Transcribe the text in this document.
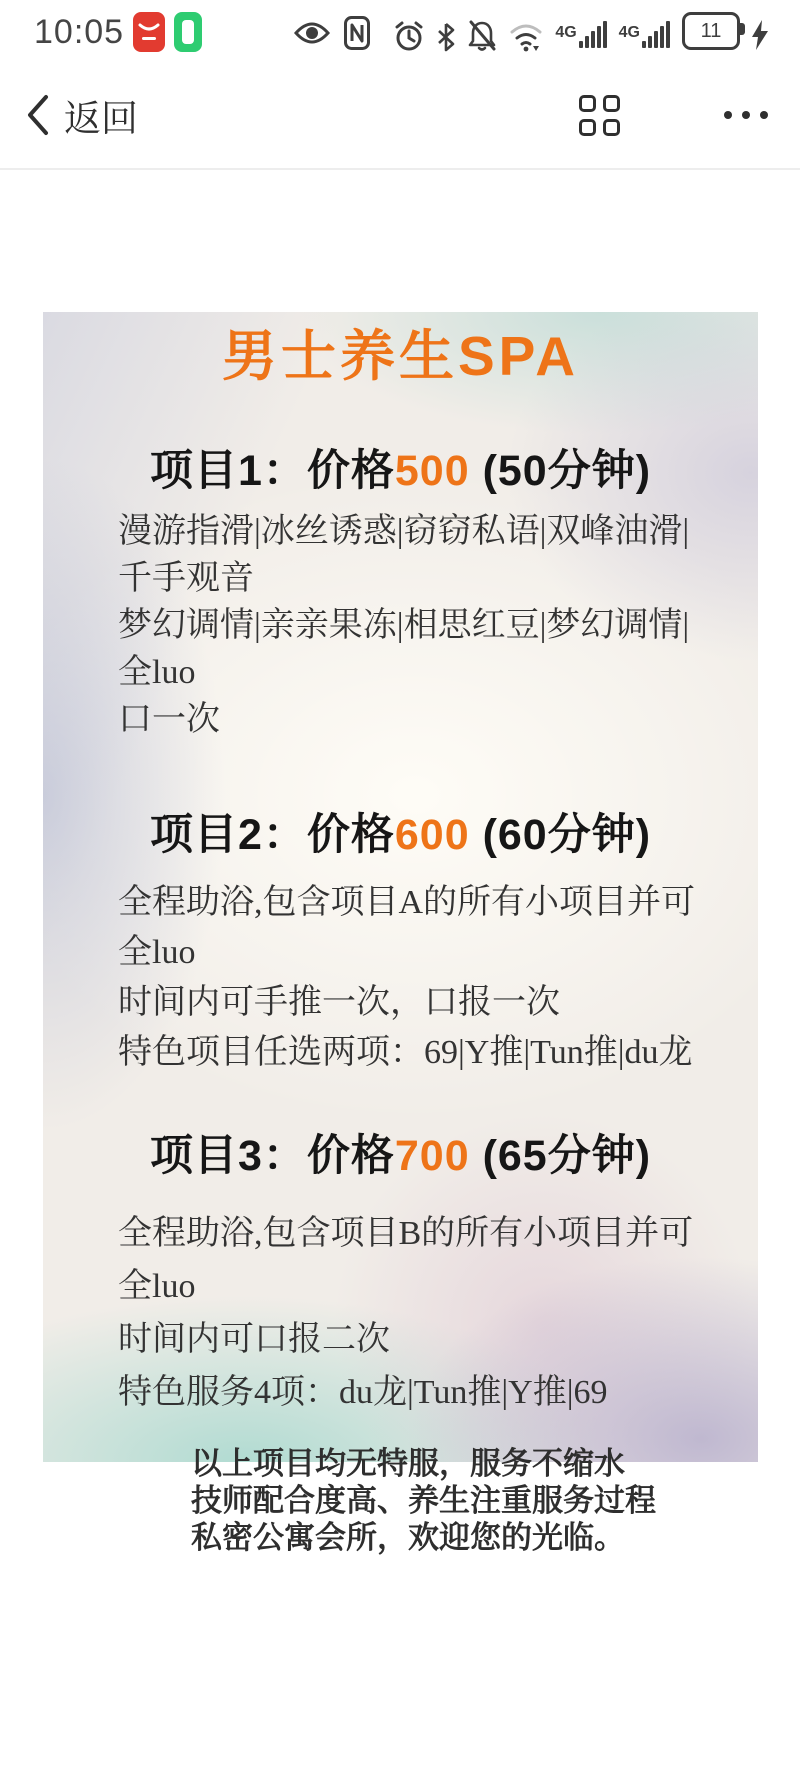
10:05	4G	4G	11
返回
男士养生SPA
项目1：价格500 (50分钟)
漫游指滑|冰丝诱惑|窃窃私语|双峰油滑|千手观音
梦幻调情|亲亲果冻|相思红豆|梦幻调情|全luo
口一次
项目2：价格600 (60分钟)
全程助浴,包含项目A的所有小项目并可全luo
时间内可手推一次，口报一次
特色项目任选两项：69|Y推|Tun推|du龙
项目3：价格700 (65分钟)
全程助浴,包含项目B的所有小项目并可全luo
时间内可口报二次
特色服务4项：du龙|Tun推|Y推|69
以上项目均无特服，服务不缩水
技师配合度高、养生注重服务过程
私密公寓会所，欢迎您的光临。
